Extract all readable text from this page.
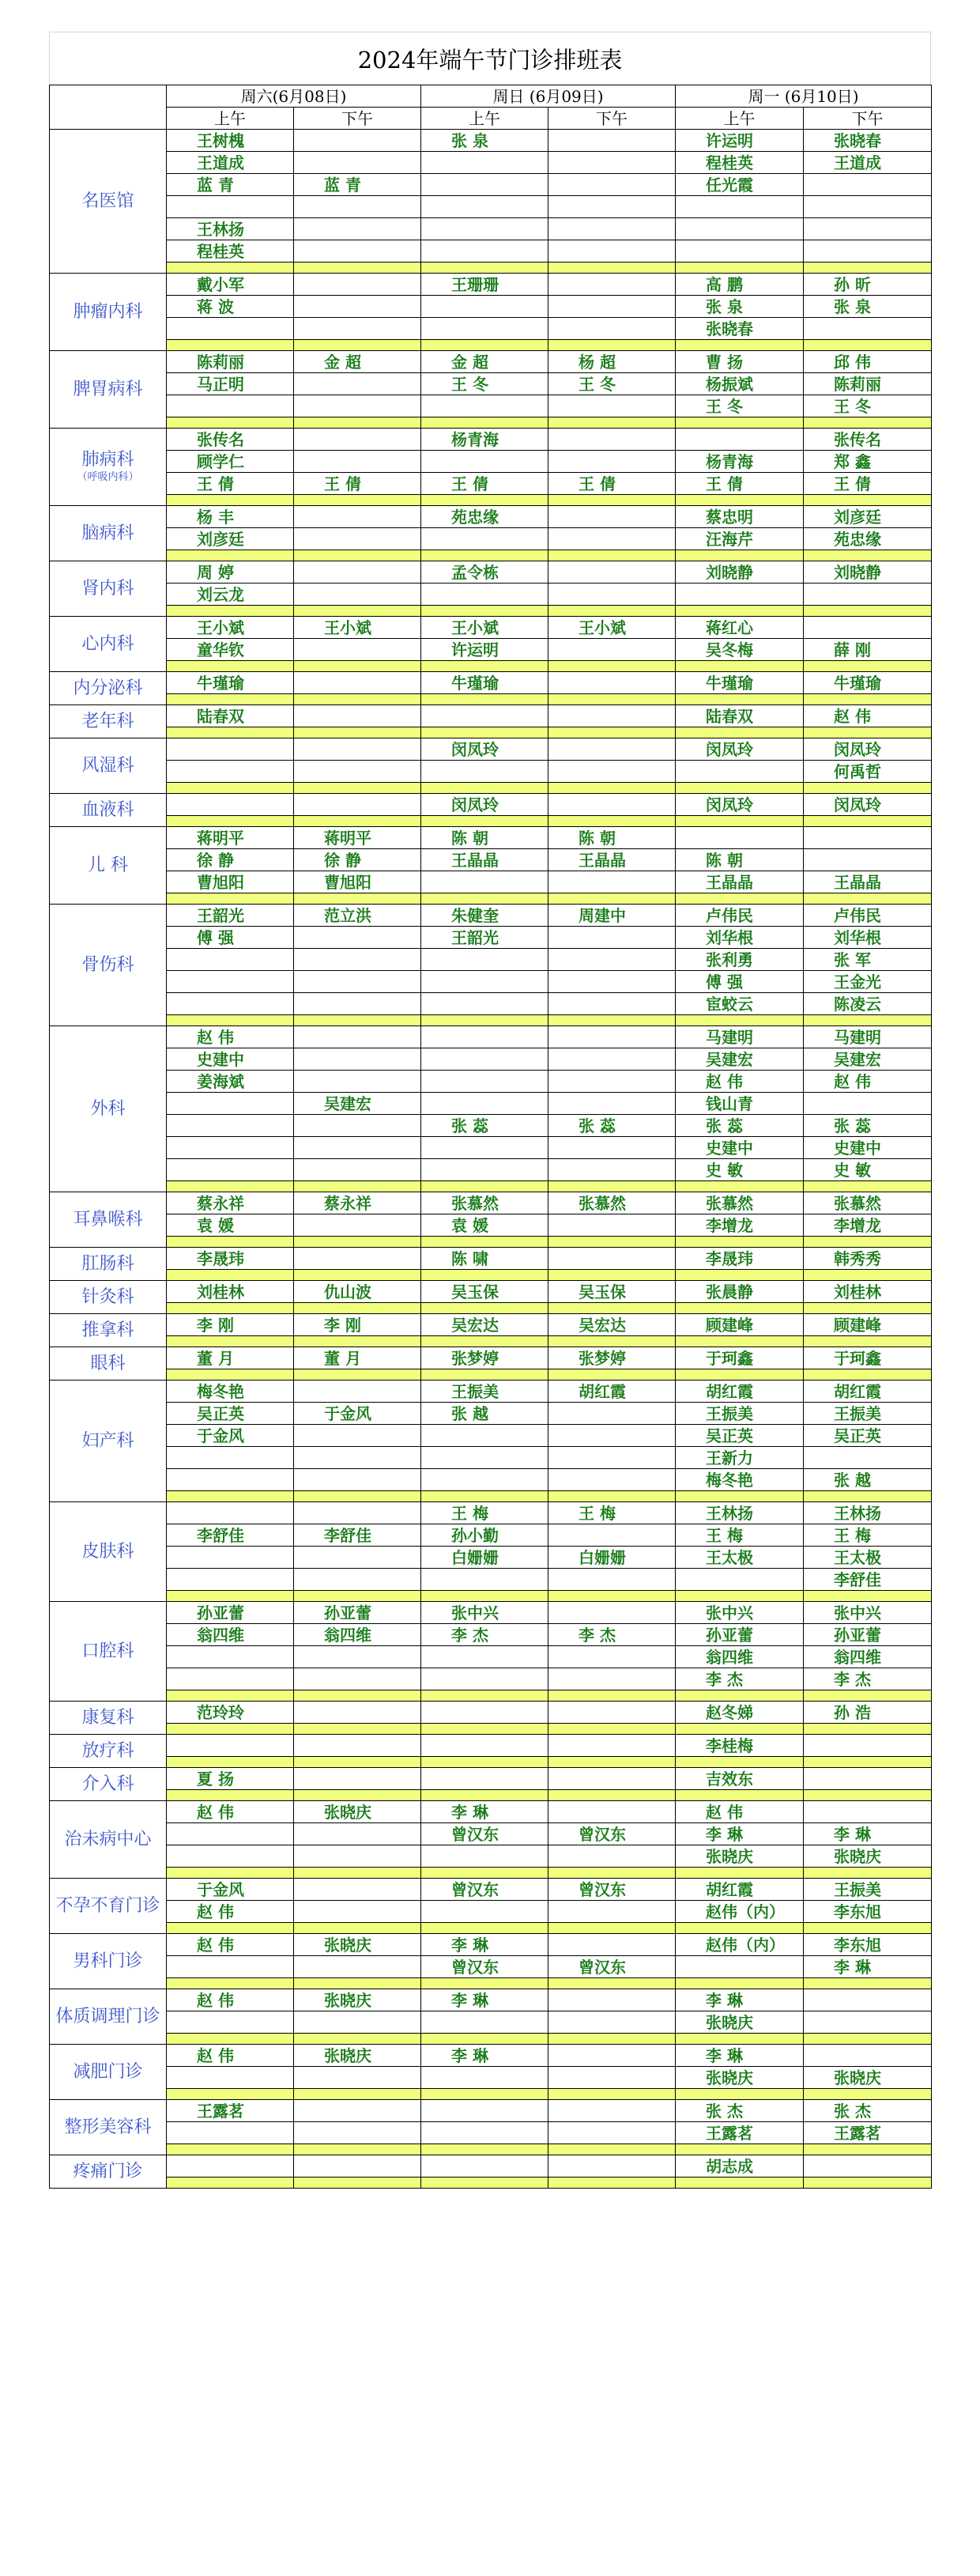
2024年端午节门诊排班表
	周六(6月08日)		周日 (6月09日)		周一 (6月10日)	
	上午	下午	上午	下午	上午	下午
名医馆	王树槐		张 泉		许运明	张晓春
	王道成				程桂英	王道成
	蓝 青	蓝 青			任光霞	

	王林扬					
	程桂英					

肿瘤内科	戴小军		王珊珊		高 鹏	孙 昕
	蒋 波				张 泉	张 泉
					张晓春	

脾胃病科	陈莉丽	金 超	金 超	杨 超	曹 扬	邱 伟
	马正明		王 冬	王 冬	杨振斌	陈莉丽
					王 冬	王 冬

肺病科
（呼吸内科）	张传名		杨青海			张传名
	顾学仁				杨青海	郑 鑫
	王 倩	王 倩	王 倩	王 倩	王 倩	王 倩

脑病科	杨 丰		苑忠缘		蔡忠明	刘彦廷
	刘彦廷				汪海芹	苑忠缘

肾内科	周 婷		孟令栋		刘晓静	刘晓静
	刘云龙					

心内科	王小斌	王小斌	王小斌	王小斌	蒋红心	
	童华钦		许运明		吴冬梅	薛 刚

内分泌科	牛瑾瑜		牛瑾瑜		牛瑾瑜	牛瑾瑜

老年科	陆春双				陆春双	赵 伟

风湿科			闵凤玲		闵凤玲	闵凤玲
						何禹哲

血液科			闵凤玲		闵凤玲	闵凤玲

儿 科	蒋明平	蒋明平	陈 朝	陈 朝		
	徐 静	徐 静	王晶晶	王晶晶	陈 朝	
	曹旭阳	曹旭阳			王晶晶	王晶晶

骨伤科	王韶光	范立洪	朱健奎	周建中	卢伟民	卢伟民
	傅 强		王韶光		刘华根	刘华根
					张利勇	张 军
					傅 强	王金光
					宦蛟云	陈凌云

外科	赵 伟				马建明	马建明
	史建中				吴建宏	吴建宏
	姜海斌				赵 伟	赵 伟
		吴建宏			钱山青	
			张 蕊	张 蕊	张 蕊	张 蕊
					史建中	史建中
					史 敏	史 敏

耳鼻喉科	蔡永祥	蔡永祥	张慕然	张慕然	张慕然	张慕然
	袁 媛		袁 媛		李增龙	李增龙

肛肠科	李晟玮		陈 啸		李晟玮	韩秀秀

针灸科	刘桂林	仇山波	吴玉保	吴玉保	张晨静	刘桂林

推拿科	李 刚	李 刚	吴宏达	吴宏达	顾建峰	顾建峰

眼科	董 月	董 月	张梦婷	张梦婷	于珂鑫	于珂鑫

妇产科	梅冬艳		王振美	胡红霞	胡红霞	胡红霞
	吴正英	于金风	张 越		王振美	王振美
	于金风				吴正英	吴正英
					王新力	
					梅冬艳	张 越

皮肤科			王 梅	王 梅	王林扬	王林扬
	李舒佳	李舒佳	孙小勤		王 梅	王 梅
			白姗姗	白姗姗	王太极	王太极
						李舒佳

口腔科	孙亚蕾	孙亚蕾	张中兴		张中兴	张中兴
	翁四维	翁四维	李 杰	李 杰	孙亚蕾	孙亚蕾
					翁四维	翁四维
					李 杰	李 杰

康复科	范玲玲				赵冬娣	孙 浩

放疗科					李桂梅	

介入科	夏 扬				吉效东	

治未病中心	赵 伟	张晓庆	李 琳		赵 伟	
			曾汉东	曾汉东	李 琳	李 琳
					张晓庆	张晓庆

不孕不育门诊	于金风		曾汉东	曾汉东	胡红霞	王振美
	赵 伟				赵伟（内）	李东旭

男科门诊	赵 伟	张晓庆	李 琳		赵伟（内）	李东旭
			曾汉东	曾汉东		李 琳

体质调理门诊	赵 伟	张晓庆	李 琳		李 琳	
					张晓庆	

减肥门诊	赵 伟	张晓庆	李 琳		李 琳	
					张晓庆	张晓庆

整形美容科	王露茗				张 杰	张 杰
					王露茗	王露茗

疼痛门诊					胡志成	
